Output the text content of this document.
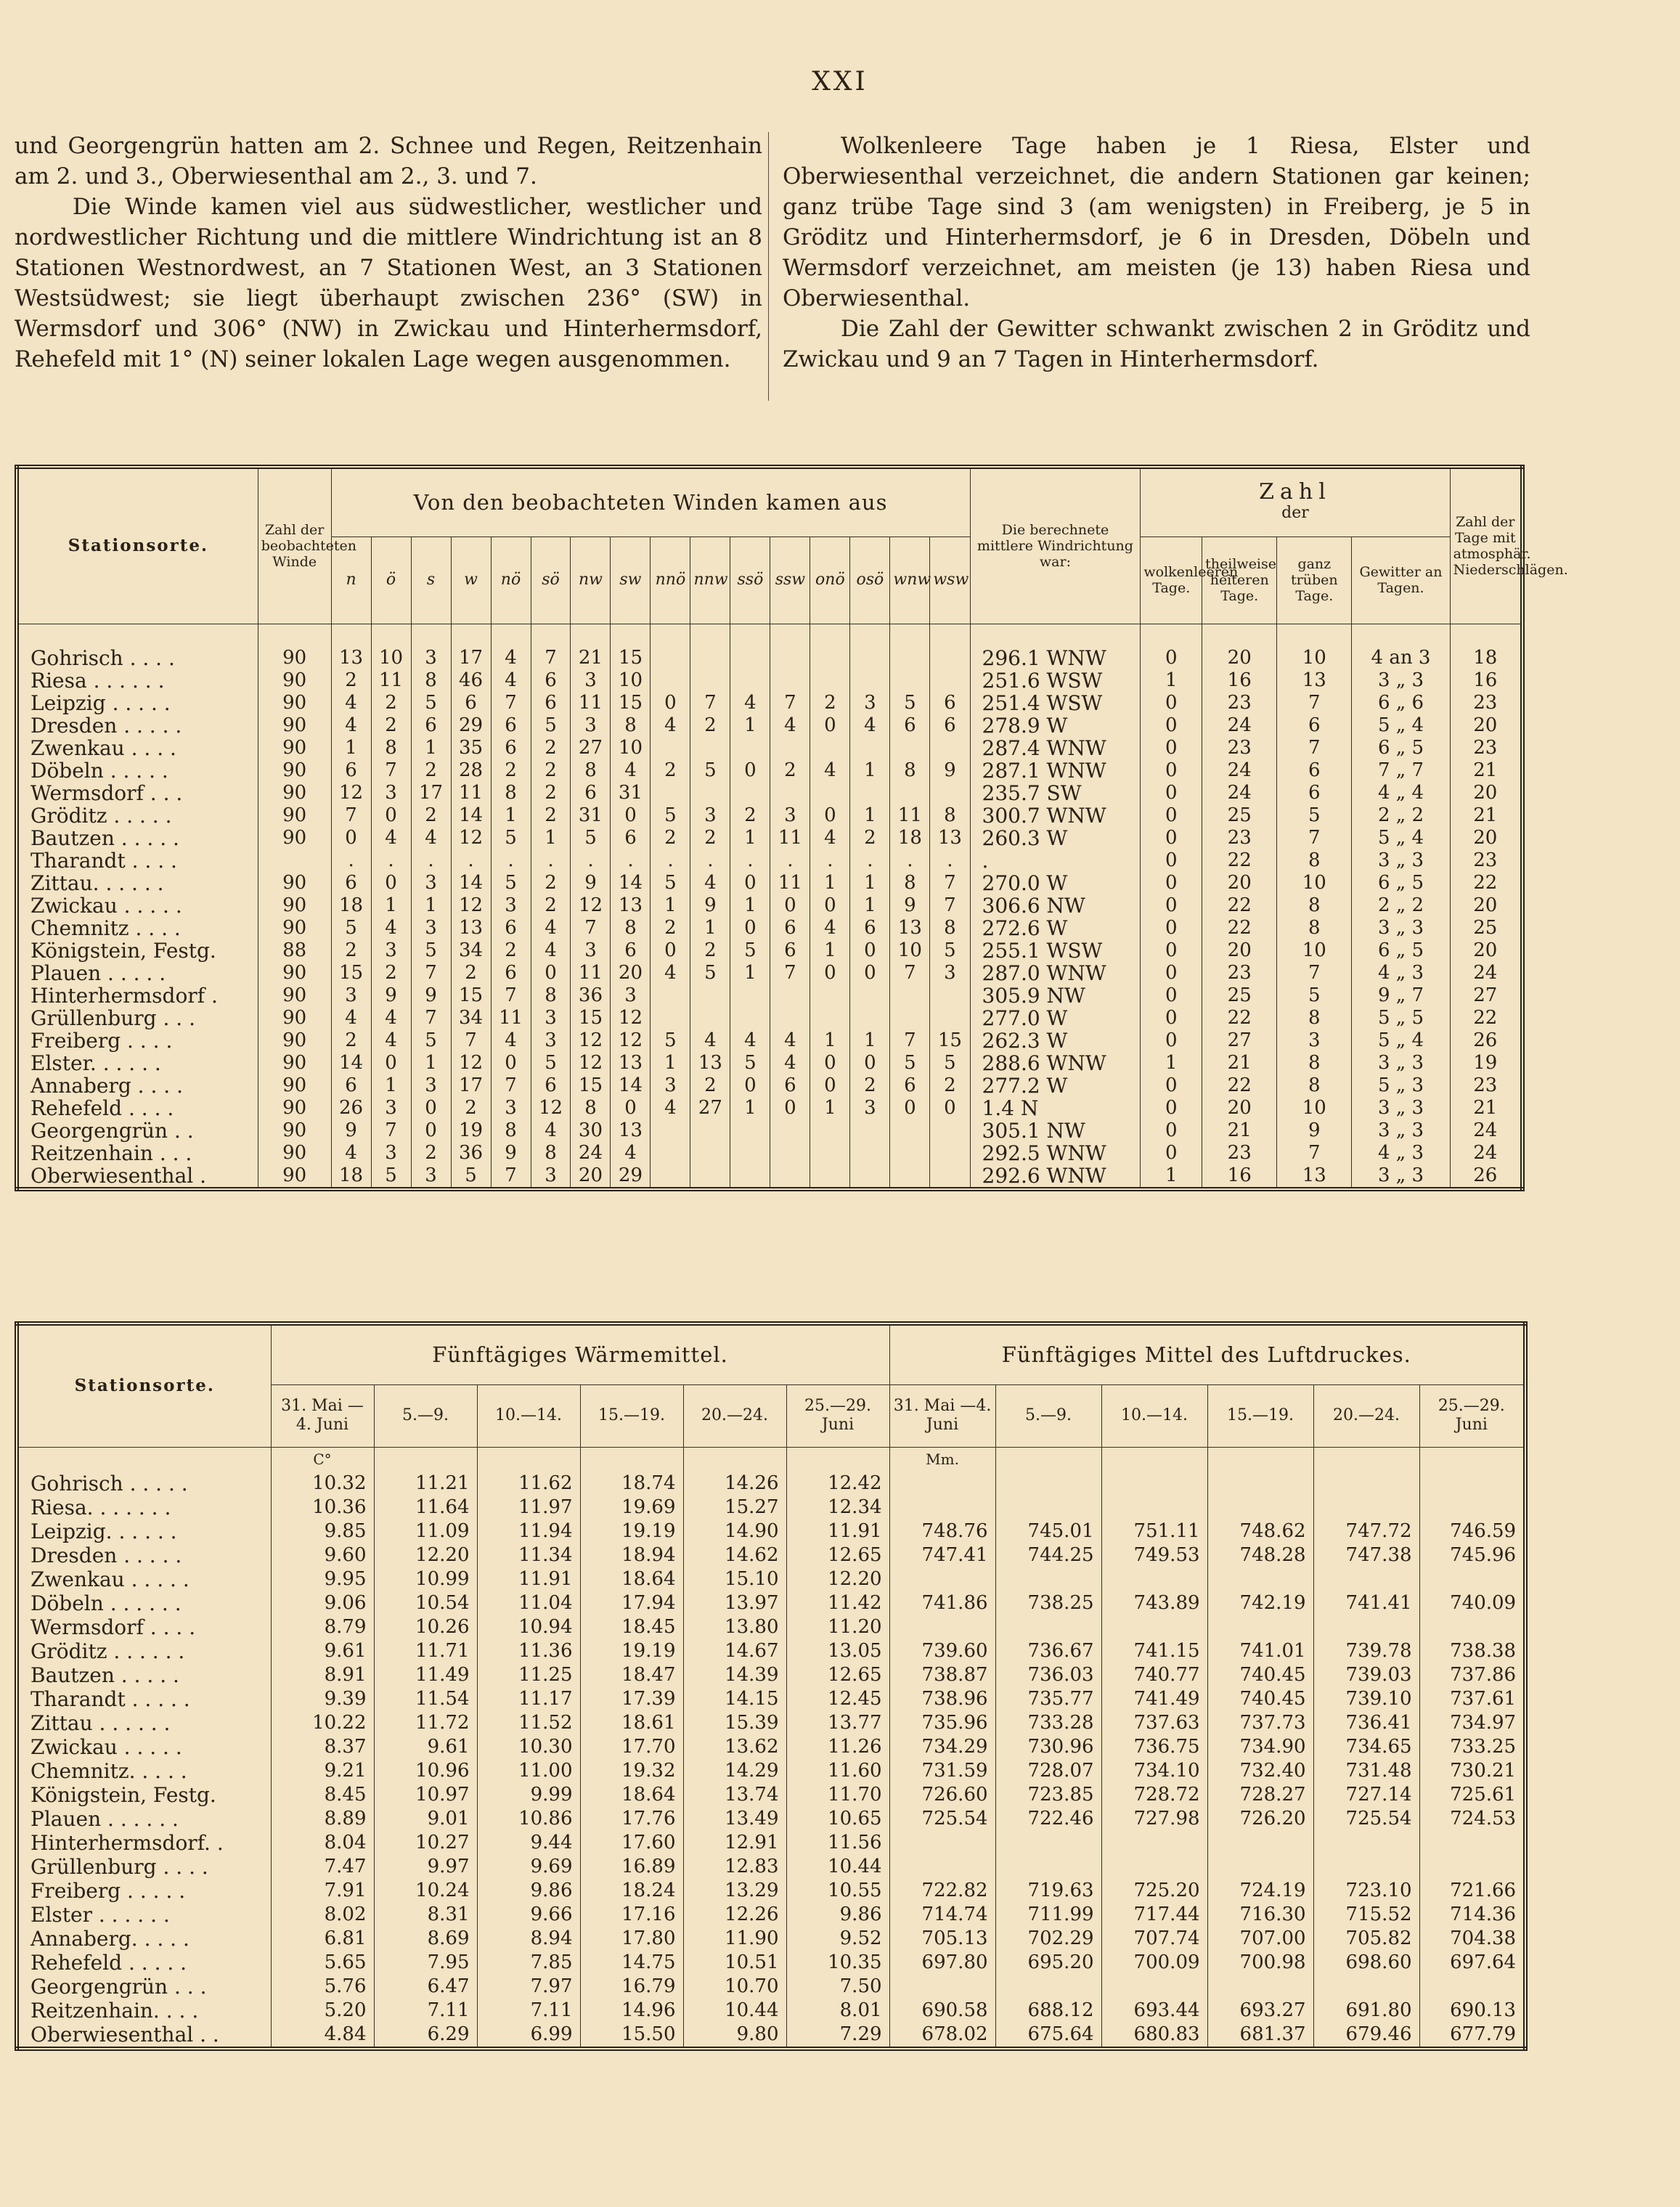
XXI

und Georgengrün hatten am 2. Schnee und Regen, Reitzenhain am 2. und 3., Oberwiesenthal am 2., 3. und 7.

Die Winde kamen viel aus südwestlicher, westlicher und nordwestlicher Richtung und die mittlere Windrichtung ist an 8 Stationen Westnordwest, an 7 Stationen West, an 3 Stationen Westsüdwest; sie liegt überhaupt zwischen 236° (SW) in Wermsdorf und 306° (NW) in Zwickau und Hinterhermsdorf, Rehefeld mit 1° (N) seiner lokalen Lage wegen ausgenommen.

Wolkenleere Tage haben je 1 Riesa, Elster und Oberwiesenthal verzeichnet, die andern Stationen gar keinen; ganz trübe Tage sind 3 (am wenigsten) in Freiberg, je 5 in Gröditz und Hinterhermsdorf, je 6 in Dresden, Döbeln und Wermsdorf verzeichnet, am meisten (je 13) haben Riesa und Oberwiesenthal.

Die Zahl der Gewitter schwankt zwischen 2 in Gröditz und Zwickau und 9 an 7 Tagen in Hinterhermsdorf.

Stationsorte.	Zahl der beobachteten Winde	Von den beobachteten Winden kamen aus																Die berechnete mittlere Windrichtung war:	Zahl
der				Zahl der Tage mit atmosphär. Niederschlägen.
		n	ö	s	w	nö	sö	nw	sw	nnö	nnw	ssö	ssw	onö	osö	wnw	wsw		wolkenleeren Tage.	theilweise heiteren Tage.	ganz trüben Tage.	Gewitter an Tagen.	

Gohrisch . . . .	90	13	10	3	17	4	7	21	15									296.1 WNW	0	20	10	4 an 3	18
Riesa . . . . . .	90	2	11	8	46	4	6	3	10									251.6 WSW	1	16	13	3 „ 3	16
Leipzig . . . . .	90	4	2	5	6	7	6	11	15	0	7	4	7	2	3	5	6	251.4 WSW	0	23	7	6 „ 6	23
Dresden . . . . .	90	4	2	6	29	6	5	3	8	4	2	1	4	0	4	6	6	278.9 W	0	24	6	5 „ 4	20
Zwenkau . . . .	90	1	8	1	35	6	2	27	10									287.4 WNW	0	23	7	6 „ 5	23
Döbeln . . . . .	90	6	7	2	28	2	2	8	4	2	5	0	2	4	1	8	9	287.1 WNW	0	24	6	7 „ 7	21
Wermsdorf . . .	90	12	3	17	11	8	2	6	31									235.7 SW	0	24	6	4 „ 4	20
Gröditz . . . . .	90	7	0	2	14	1	2	31	0	5	3	2	3	0	1	11	8	300.7 WNW	0	25	5	2 „ 2	21
Bautzen . . . . .	90	0	4	4	12	5	1	5	6	2	2	1	11	4	2	18	13	260.3 W	0	23	7	5 „ 4	20
Tharandt . . . .		.	.	.	.	.	.	.	.	.	.	.	.	.	.	.	.	.	0	22	8	3 „ 3	23
Zittau. . . . . .	90	6	0	3	14	5	2	9	14	5	4	0	11	1	1	8	7	270.0 W	0	20	10	6 „ 5	22
Zwickau . . . . .	90	18	1	1	12	3	2	12	13	1	9	1	0	0	1	9	7	306.6 NW	0	22	8	2 „ 2	20
Chemnitz . . . .	90	5	4	3	13	6	4	7	8	2	1	0	6	4	6	13	8	272.6 W	0	22	8	3 „ 3	25
Königstein, Festg.	88	2	3	5	34	2	4	3	6	0	2	5	6	1	0	10	5	255.1 WSW	0	20	10	6 „ 5	20
Plauen . . . . .	90	15	2	7	2	6	0	11	20	4	5	1	7	0	0	7	3	287.0 WNW	0	23	7	4 „ 3	24
Hinterhermsdorf .	90	3	9	9	15	7	8	36	3									305.9 NW	0	25	5	9 „ 7	27
Grüllenburg . . .	90	4	4	7	34	11	3	15	12									277.0 W	0	22	8	5 „ 5	22
Freiberg . . . .	90	2	4	5	7	4	3	12	12	5	4	4	4	1	1	7	15	262.3 W	0	27	3	5 „ 4	26
Elster. . . . . .	90	14	0	1	12	0	5	12	13	1	13	5	4	0	0	5	5	288.6 WNW	1	21	8	3 „ 3	19
Annaberg . . . .	90	6	1	3	17	7	6	15	14	3	2	0	6	0	2	6	2	277.2 W	0	22	8	5 „ 3	23
Rehefeld . . . .	90	26	3	0	2	3	12	8	0	4	27	1	0	1	3	0	0	1.4 N	0	20	10	3 „ 3	21
Georgengrün . .	90	9	7	0	19	8	4	30	13									305.1 NW	0	21	9	3 „ 3	24
Reitzenhain . . .	90	4	3	2	36	9	8	24	4									292.5 WNW	0	23	7	4 „ 3	24
Oberwiesenthal .	90	18	5	3	5	7	3	20	29									292.6 WNW	1	16	13	3 „ 3	26
Stationsorte.	Fünftägiges Wärmemittel.						Fünftägiges Mittel des Luftdruckes.					
	31. Mai —4. Juni	5.—9.	10.—14.	15.—19.	20.—24.	25.—29. Juni	31. Mai —4. Juni	5.—9.	10.—14.	15.—19.	20.—24.	25.—29. Juni
	C°						Mm.					
Gohrisch . . . . .	10.32	11.21	11.62	18.74	14.26	12.42						
Riesa. . . . . . .	10.36	11.64	11.97	19.69	15.27	12.34						
Leipzig. . . . . .	9.85	11.09	11.94	19.19	14.90	11.91	748.76	745.01	751.11	748.62	747.72	746.59
Dresden . . . . .	9.60	12.20	11.34	18.94	14.62	12.65	747.41	744.25	749.53	748.28	747.38	745.96
Zwenkau . . . . .	9.95	10.99	11.91	18.64	15.10	12.20						
Döbeln . . . . . .	9.06	10.54	11.04	17.94	13.97	11.42	741.86	738.25	743.89	742.19	741.41	740.09
Wermsdorf . . . .	8.79	10.26	10.94	18.45	13.80	11.20						
Gröditz . . . . . .	9.61	11.71	11.36	19.19	14.67	13.05	739.60	736.67	741.15	741.01	739.78	738.38
Bautzen . . . . .	8.91	11.49	11.25	18.47	14.39	12.65	738.87	736.03	740.77	740.45	739.03	737.86
Tharandt . . . . .	9.39	11.54	11.17	17.39	14.15	12.45	738.96	735.77	741.49	740.45	739.10	737.61
Zittau . . . . . .	10.22	11.72	11.52	18.61	15.39	13.77	735.96	733.28	737.63	737.73	736.41	734.97
Zwickau . . . . .	8.37	9.61	10.30	17.70	13.62	11.26	734.29	730.96	736.75	734.90	734.65	733.25
Chemnitz. . . . .	9.21	10.96	11.00	19.32	14.29	11.60	731.59	728.07	734.10	732.40	731.48	730.21
Königstein, Festg.	8.45	10.97	9.99	18.64	13.74	11.70	726.60	723.85	728.72	728.27	727.14	725.61
Plauen . . . . . .	8.89	9.01	10.86	17.76	13.49	10.65	725.54	722.46	727.98	726.20	725.54	724.53
Hinterhermsdorf. .	8.04	10.27	9.44	17.60	12.91	11.56						
Grüllenburg . . . .	7.47	9.97	9.69	16.89	12.83	10.44						
Freiberg . . . . .	7.91	10.24	9.86	18.24	13.29	10.55	722.82	719.63	725.20	724.19	723.10	721.66
Elster . . . . . .	8.02	8.31	9.66	17.16	12.26	9.86	714.74	711.99	717.44	716.30	715.52	714.36
Annaberg. . . . .	6.81	8.69	8.94	17.80	11.90	9.52	705.13	702.29	707.74	707.00	705.82	704.38
Rehefeld . . . . .	5.65	7.95	7.85	14.75	10.51	10.35	697.80	695.20	700.09	700.98	698.60	697.64
Georgengrün . . .	5.76	6.47	7.97	16.79	10.70	7.50						
Reitzenhain. . . .	5.20	7.11	7.11	14.96	10.44	8.01	690.58	688.12	693.44	693.27	691.80	690.13
Oberwiesenthal . .	4.84	6.29	6.99	15.50	9.80	7.29	678.02	675.64	680.83	681.37	679.46	677.79
